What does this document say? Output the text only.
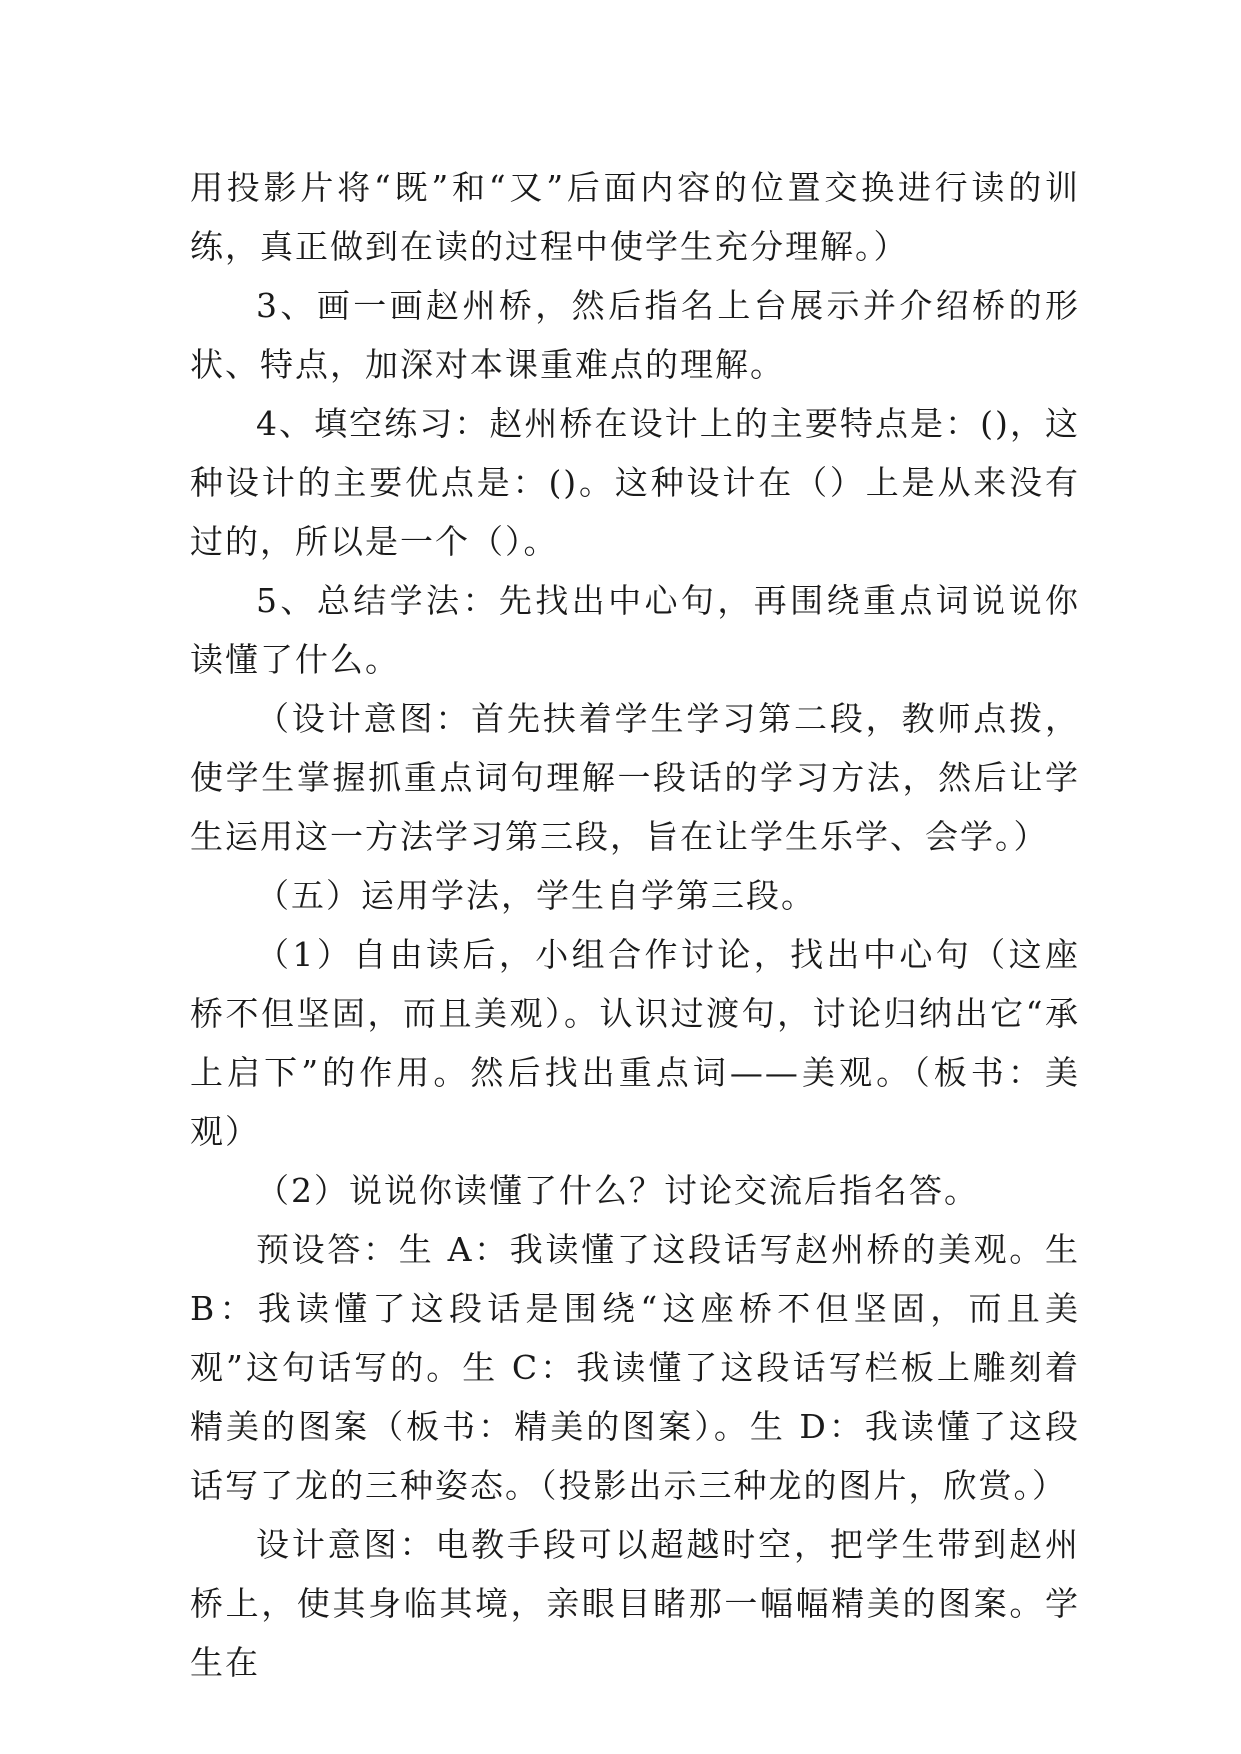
用投影片将“既”和“又”后面内容的位置交换进行读的训练，真正做到在读的过程中使学生充分理解。）

3、画一画赵州桥，然后指名上台展示并介绍桥的形状、特点，加深对本课重难点的理解。

4、填空练习：赵州桥在设计上的主要特点是：()，这种设计的主要优点是：()。这种设计在（）上是从来没有过的，所以是一个（）。

5、总结学法：先找出中心句，再围绕重点词说说你读懂了什么。

（设计意图：首先扶着学生学习第二段，教师点拨，使学生掌握抓重点词句理解一段话的学习方法，然后让学生运用这一方法学习第三段，旨在让学生乐学、会学。）

（五）运用学法，学生自学第三段。

（1）自由读后，小组合作讨论，找出中心句（这座桥不但坚固，而且美观）。认识过渡句，讨论归纳出它“承上启下”的作用。然后找出重点词——美观。（板书：美观）

（2）说说你读懂了什么？讨论交流后指名答。

预设答：生 A：我读懂了这段话写赵州桥的美观。生 B：我读懂了这段话是围绕“这座桥不但坚固，而且美观”这句话写的。生 C：我读懂了这段话写栏板上雕刻着精美的图案（板书：精美的图案）。生 D：我读懂了这段话写了龙的三种姿态。（投影出示三种龙的图片，欣赏。）

设计意图：电教手段可以超越时空，把学生带到赵州桥上，使其身临其境，亲眼目睹那一幅幅精美的图案。学生在
